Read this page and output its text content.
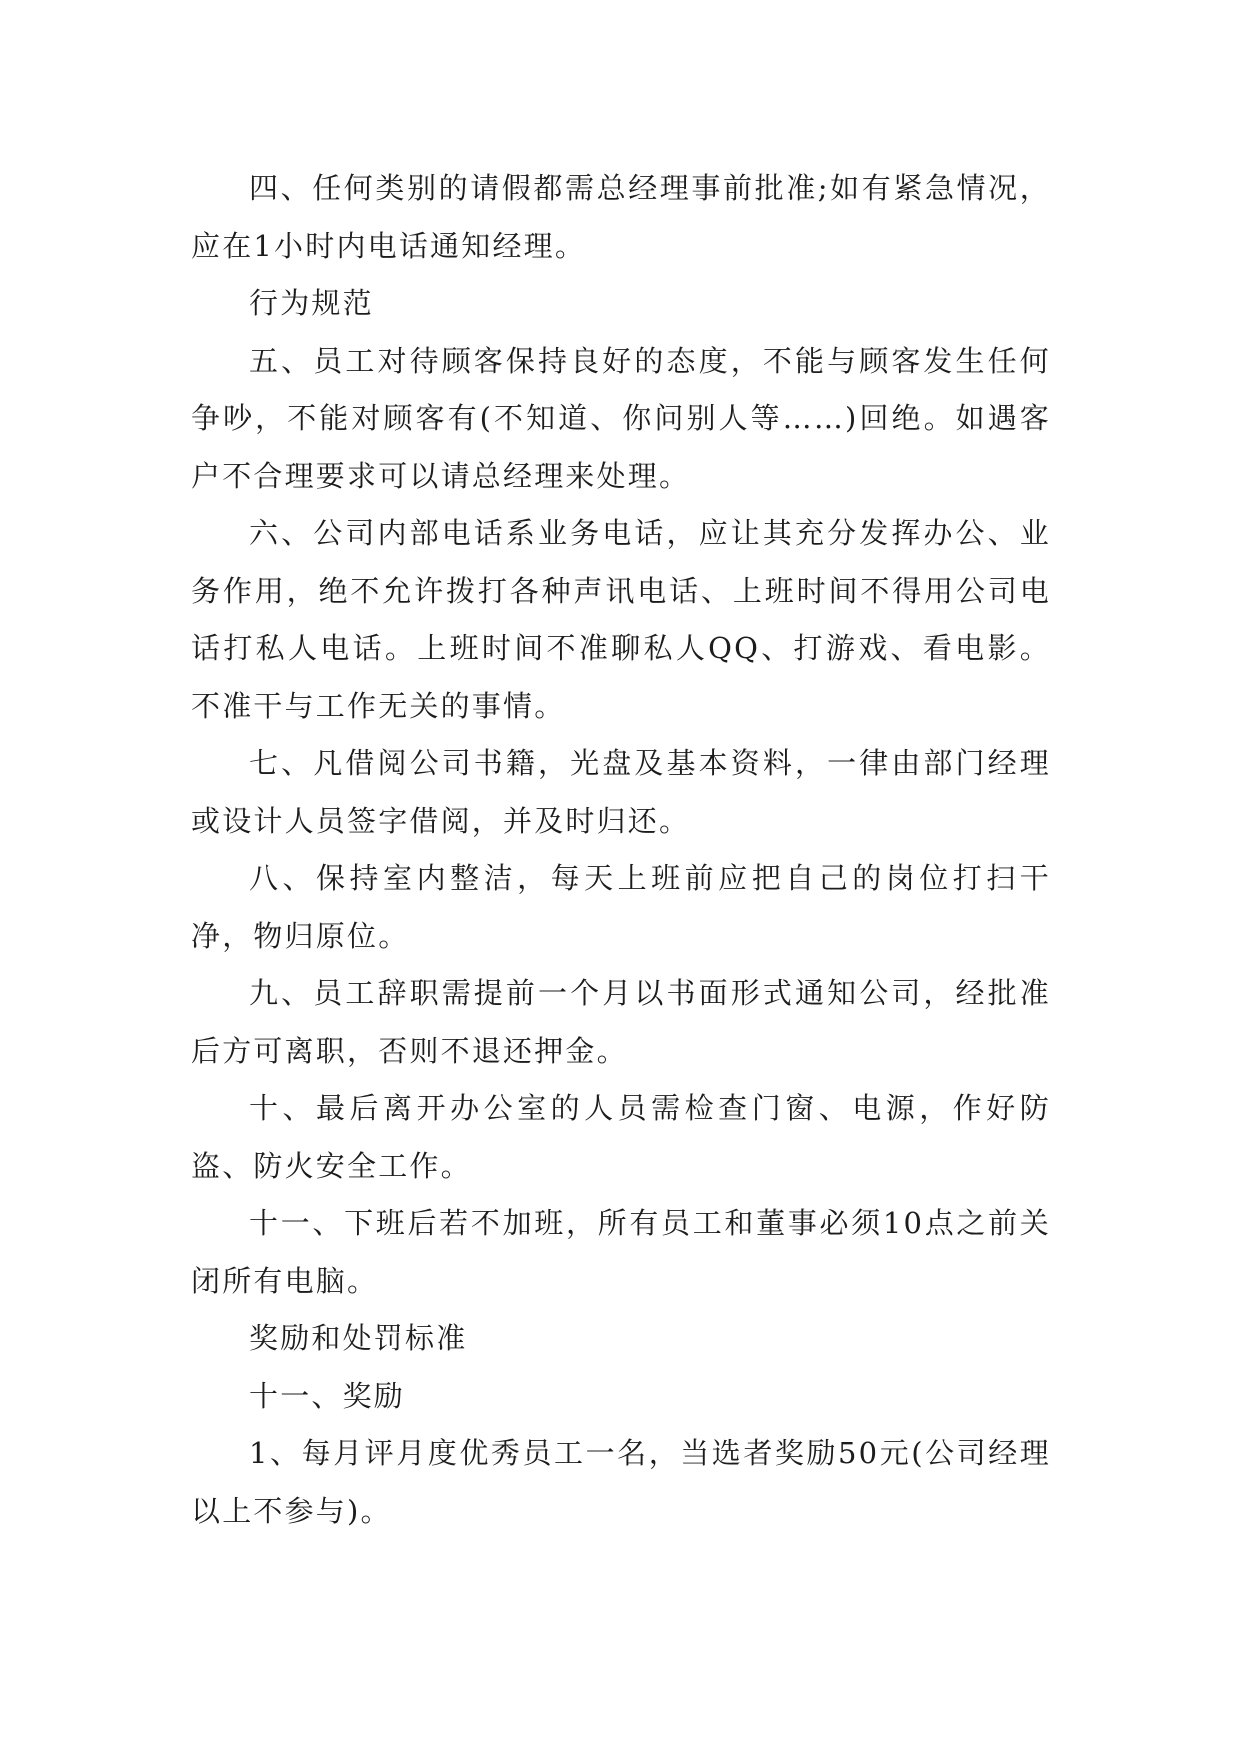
四、任何类别的请假都需总经理事前批准;如有紧急情况，应在1小时内电话通知经理。

行为规范

五、员工对待顾客保持良好的态度，不能与顾客发生任何争吵，不能对顾客有(不知道、你问别人等……)回绝。如遇客户不合理要求可以请总经理来处理。

六、公司内部电话系业务电话，应让其充分发挥办公、业务作用，绝不允许拨打各种声讯电话、上班时间不得用公司电话打私人电话。上班时间不准聊私人QQ、打游戏、看电影。不准干与工作无关的事情。

七、凡借阅公司书籍，光盘及基本资料，一律由部门经理或设计人员签字借阅，并及时归还。

八、保持室内整洁，每天上班前应把自己的岗位打扫干净，物归原位。

九、员工辞职需提前一个月以书面形式通知公司，经批准后方可离职，否则不退还押金。

十、最后离开办公室的人员需检查门窗、电源，作好防盗、防火安全工作。

十一、下班后若不加班，所有员工和董事必须10点之前关闭所有电脑。

奖励和处罚标准

十一、奖励

1、每月评月度优秀员工一名，当选者奖励50元(公司经理以上不参与)。
